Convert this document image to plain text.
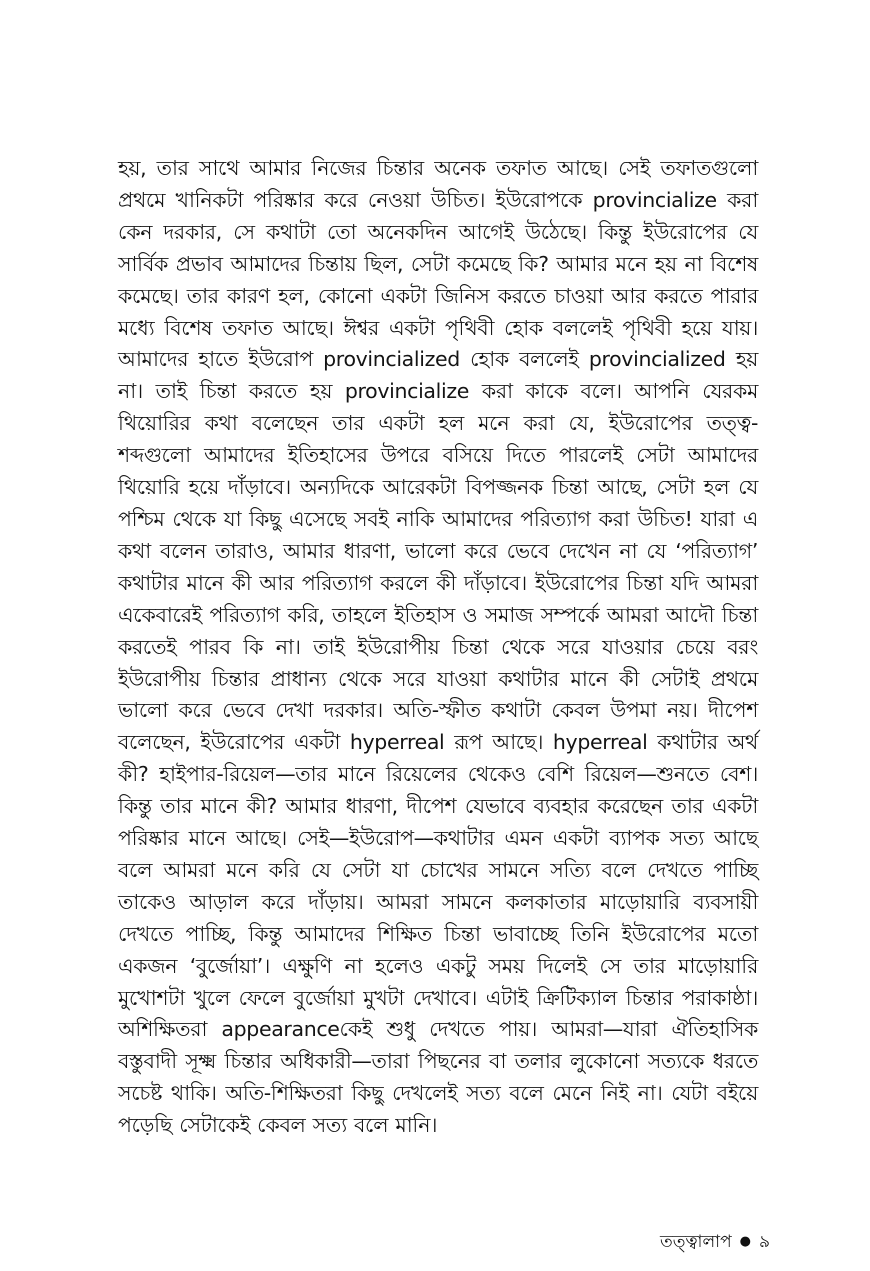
হয়, তার সাথে আমার নিজের চিন্তার অনেক তফাত আছে। সেই তফাতগুলো প্রথমে খানিকটা পরিষ্কার করে নেওয়া উচিত। ইউরোপকে provincialize করা কেন দরকার, সে কথাটা তো অনেকদিন আগেই উঠেছে। কিন্তু ইউরোপের যে সার্বিক প্রভাব আমাদের চিন্তায় ছিল, সেটা কমেছে কি? আমার মনে হয় না বিশেষ কমেছে। তার কারণ হল, কোনো একটা জিনিস করতে চাওয়া আর করতে পারার মধ্যে বিশেষ তফাত আছে। ঈশ্বর একটা পৃথিবী হোক বললেই পৃথিবী হয়ে যায়। আমাদের হাতে ইউরোপ provincialized হোক বললেই provincialized হয় না। তাই চিন্তা করতে হয় provincialize করা কাকে বলে। আপনি যেরকম থিয়োরির কথা বলেছেন তার একটা হল মনে করা যে, ইউরোপের তত্ত্ব-শব্দগুলো আমাদের ইতিহাসের উপরে বসিয়ে দিতে পারলেই সেটা আমাদের থিয়োরি হয়ে দাঁড়াবে। অন্যদিকে আরেকটা বিপজ্জনক চিন্তা আছে, সেটা হল যে পশ্চিম থেকে যা কিছু এসেছে সবই নাকি আমাদের পরিত্যাগ করা উচিত! যারা এ কথা বলেন তারাও, আমার ধারণা, ভালো করে ভেবে দেখেন না যে ‘পরিত্যাগ’ কথাটার মানে কী আর পরিত্যাগ করলে কী দাঁড়াবে। ইউরোপের চিন্তা যদি আমরা একেবারেই পরিত্যাগ করি, তাহলে ইতিহাস ও সমাজ সম্পর্কে আমরা আদৌ চিন্তা করতেই পারব কি না। তাই ইউরোপীয় চিন্তা থেকে সরে যাওয়ার চেয়ে বরং ইউরোপীয় চিন্তার প্রাধান্য থেকে সরে যাওয়া কথাটার মানে কী সেটাই প্রথমে ভালো করে ভেবে দেখা দরকার। অতি-স্ফীত কথাটা কেবল উপমা নয়। দীপেশ বলেছেন, ইউরোপের একটা hyperreal রূপ আছে। hyperreal কথাটার অর্থ কী? হাইপার-রিয়েল—তার মানে রিয়েলের থেকেও বেশি রিয়েল—শুনতে বেশ। কিন্তু তার মানে কী? আমার ধারণা, দীপেশ যেভাবে ব্যবহার করেছেন তার একটা পরিষ্কার মানে আছে। সেই—ইউরোপ—কথাটার এমন একটা ব্যাপক সত্য আছে বলে আমরা মনে করি যে সেটা যা চোখের সামনে সত্যি বলে দেখতে পাচ্ছি তাকেও আড়াল করে দাঁড়ায়। আমরা সামনে কলকাতার মাড়োয়ারি ব্যবসায়ী দেখতে পাচ্ছি, কিন্তু আমাদের শিক্ষিত চিন্তা ভাবাচ্ছে তিনি ইউরোপের মতো একজন ‘বুর্জোয়া’। এক্ষুণি না হলেও একটু সময় দিলেই সে তার মাড়োয়ারি মুখোশটা খুলে ফেলে বুর্জোয়া মুখটা দেখাবে। এটাই ক্রিটিক্যাল চিন্তার পরাকাষ্ঠা। অশিক্ষিতরা appearanceকেই শুধু দেখতে পায়। আমরা—যারা ঐতিহাসিক বস্তুবাদী সূক্ষ্ম চিন্তার অধিকারী—তারা পিছনের বা তলার লুকোনো সত্যকে ধরতে সচেষ্ট থাকি। অতি-শিক্ষিতরা কিছু দেখলেই সত্য বলে মেনে নিই না। যেটা বইয়ে পড়েছি সেটাকেই কেবল সত্য বলে মানি।

তত্ত্বালাপ ● ৯
